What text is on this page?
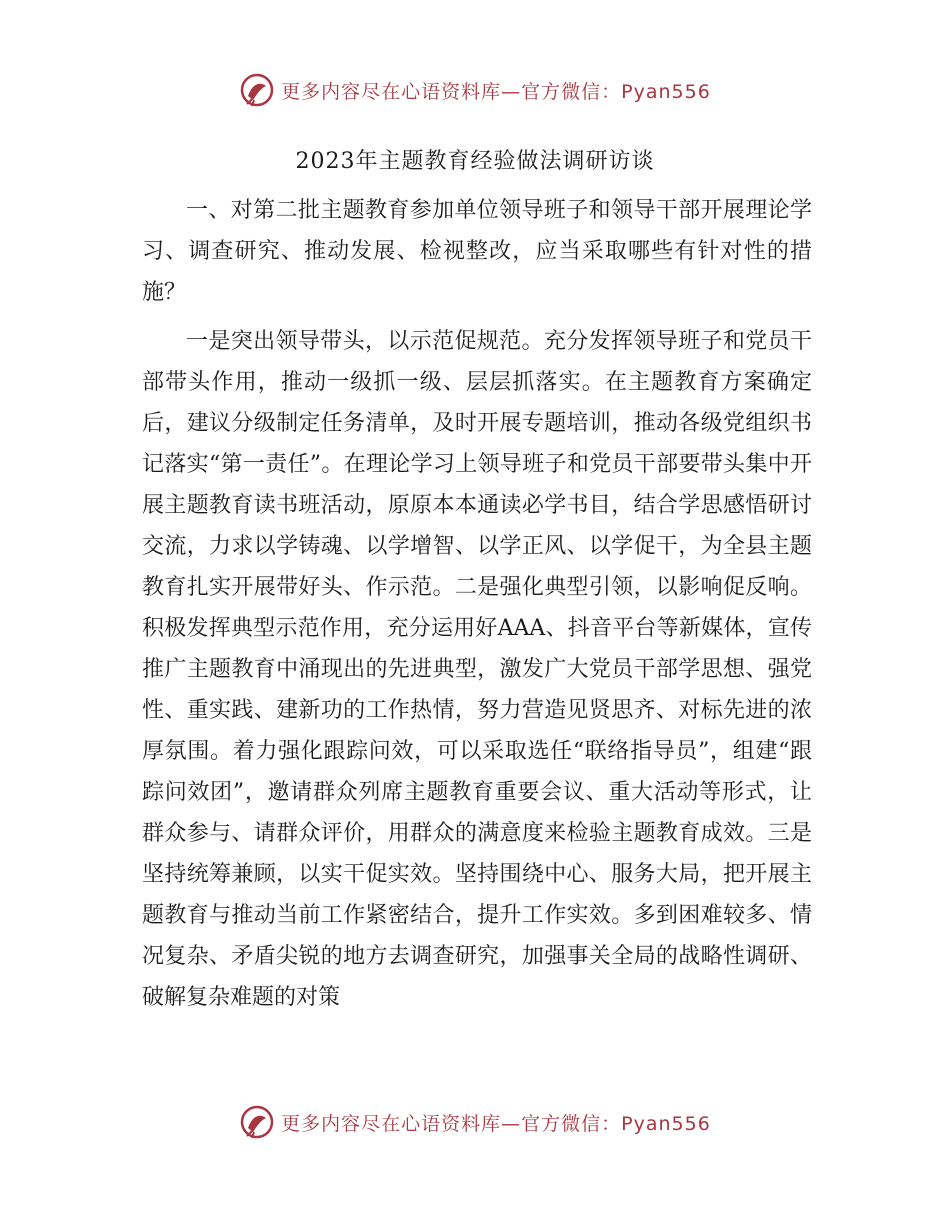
更多内容尽在心语资料库—官方微信：Pyan556
2023年主题教育经验做法调研访谈

一、对第二批主题教育参加单位领导班子和领导干部开展理论学习、调查研究、推动发展、检视整改，应当采取哪些有针对性的措施？

一是突出领导带头，以示范促规范。充分发挥领导班子和党员干部带头作用，推动一级抓一级、层层抓落实。在主题教育方案确定后，建议分级制定任务清单，及时开展专题培训，推动各级党组织书记落实“第一责任”。在理论学习上领导班子和党员干部要带头集中开展主题教育读书班活动，原原本本通读必学书目，结合学思感悟研讨交流，力求以学铸魂、以学增智、以学正风、以学促干，为全县主题教育扎实开展带好头、作示范。二是强化典型引领，以影响促反响。积极发挥典型示范作用，充分运用好AAA、抖音平台等新媒体，宣传推广主题教育中涌现出的先进典型，激发广大党员干部学思想、强党性、重实践、建新功的工作热情，努力营造见贤思齐、对标先进的浓厚氛围。着力强化跟踪问效，可以采取选任“联络指导员”，组建“跟踪问效团”，邀请群众列席主题教育重要会议、重大活动等形式，让群众参与、请群众评价，用群众的满意度来检验主题教育成效。三是坚持统筹兼顾，以实干促实效。坚持围绕中心、服务大局，把开展主题教育与推动当前工作紧密结合，提升工作实效。多到困难较多、情况复杂、矛盾尖锐的地方去调查研究，加强事关全局的战略性调研、破解复杂难题的对策

更多内容尽在心语资料库—官方微信：Pyan556
